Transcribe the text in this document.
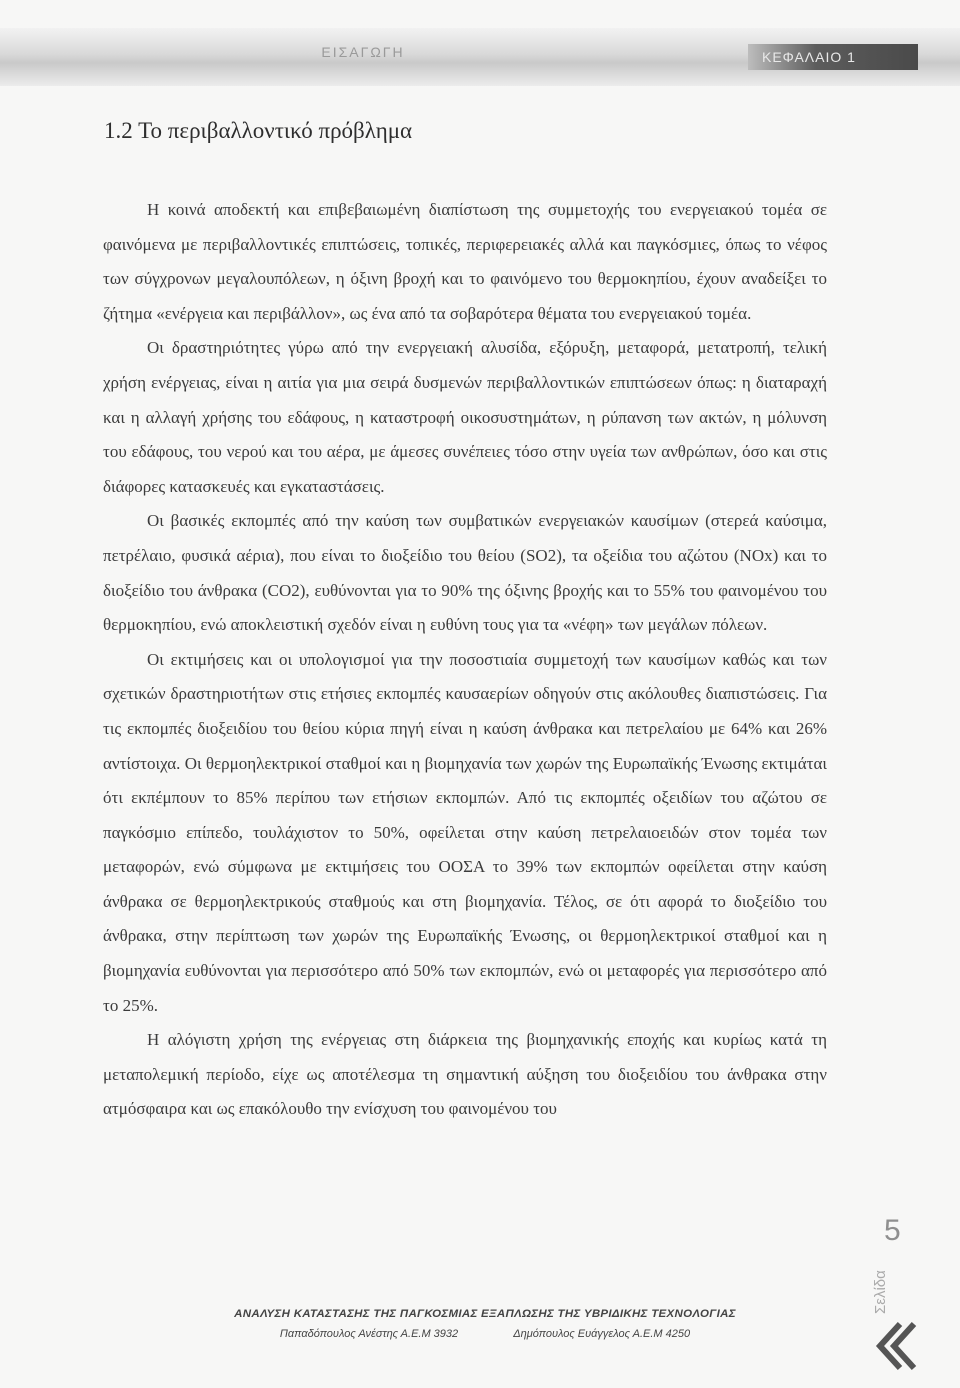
ΕΙΣΑΓΩΓΗ	ΚΕΦΑΛΑΙΟ 1
1.2 Το περιβαλλοντικό πρόβλημα

Η κοινά αποδεκτή και επιβεβαιωμένη διαπίστωση της συμμετοχής του ενεργειακού τομέα σε φαινόμενα με περιβαλλοντικές επιπτώσεις, τοπικές, περιφερειακές αλλά και παγκόσμιες, όπως το νέφος των σύγχρονων μεγαλουπόλεων, η όξινη βροχή και το φαινόμενο του θερμοκηπίου, έχουν αναδείξει το ζήτημα «ενέργεια και περιβάλλον», ως ένα από τα σοβαρότερα θέματα του ενεργειακού τομέα.

Οι δραστηριότητες γύρω από την ενεργειακή αλυσίδα, εξόρυξη, μεταφορά, μετατροπή, τελική χρήση ενέργειας, είναι η αιτία για μια σειρά δυσμενών περιβαλλοντικών επιπτώσεων όπως: η διαταραχή και η αλλαγή χρήσης του εδάφους, η καταστροφή οικοσυστημάτων, η ρύπανση των ακτών, η μόλυνση του εδάφους, του νερού και του αέρα, με άμεσες συνέπειες τόσο στην υγεία των ανθρώπων, όσο και στις διάφορες κατασκευές και εγκαταστάσεις.

Οι βασικές εκπομπές από την καύση των συμβατικών ενεργειακών καυσίμων (στερεά καύσιμα, πετρέλαιο, φυσικά αέρια), που είναι το διοξείδιο του θείου (SO2), τα οξείδια του αζώτου (NOx) και το διοξείδιο του άνθρακα (CO2), ευθύνονται για το 90% της όξινης βροχής και το 55% του φαινομένου του θερμοκηπίου, ενώ αποκλειστική σχεδόν είναι η ευθύνη τους για τα «νέφη» των μεγάλων πόλεων.

Οι εκτιμήσεις και οι υπολογισμοί για την ποσοστιαία συμμετοχή των καυσίμων καθώς και των σχετικών δραστηριοτήτων στις ετήσιες εκπομπές καυσαερίων οδηγούν στις ακόλουθες διαπιστώσεις. Για τις εκπομπές διοξειδίου του θείου κύρια πηγή είναι η καύση άνθρακα και πετρελαίου με 64% και 26% αντίστοιχα. Οι θερμοηλεκτρικοί σταθμοί και η βιομηχανία των χωρών της Ευρωπαϊκής Ένωσης εκτιμάται ότι εκπέμπουν το 85% περίπου των ετήσιων εκπομπών. Από τις εκπομπές οξειδίων του αζώτου σε παγκόσμιο επίπεδο, τουλάχιστον το 50%, οφείλεται στην καύση πετρελαιοειδών στον τομέα των μεταφορών, ενώ σύμφωνα με εκτιμήσεις του ΟΟΣΑ το 39% των εκπομπών οφείλεται στην καύση άνθρακα σε θερμοηλεκτρικούς σταθμούς και στη βιομηχανία. Τέλος, σε ότι αφορά το διοξείδιο του άνθρακα, στην περίπτωση των χωρών της Ευρωπαϊκής Ένωσης, οι θερμοηλεκτρικοί σταθμοί και η βιομηχανία ευθύνονται για περισσότερο από 50% των εκπομπών, ενώ οι μεταφορές για περισσότερο από το 25%.

Η αλόγιστη χρήση της ενέργειας στη διάρκεια της βιομηχανικής εποχής και κυρίως κατά τη μεταπολεμική περίοδο, είχε ως αποτέλεσμα τη σημαντική αύξηση του διοξειδίου του άνθρακα στην ατμόσφαιρα και ως επακόλουθο την ενίσχυση του φαινομένου του

5
Σελίδα
ΑΝΑΛΥΣΗ ΚΑΤΑΣΤΑΣΗΣ ΤΗΣ ΠΑΓΚΟΣΜΙΑΣ ΕΞΑΠΛΩΣΗΣ ΤΗΣ ΥΒΡΙΔΙΚΗΣ ΤΕΧΝΟΛΟΓΙΑΣ
Παπαδόπουλος Ανέστης Α.Ε.Μ 3932	Δημόπουλος Ευάγγελος Α.Ε.Μ 4250
